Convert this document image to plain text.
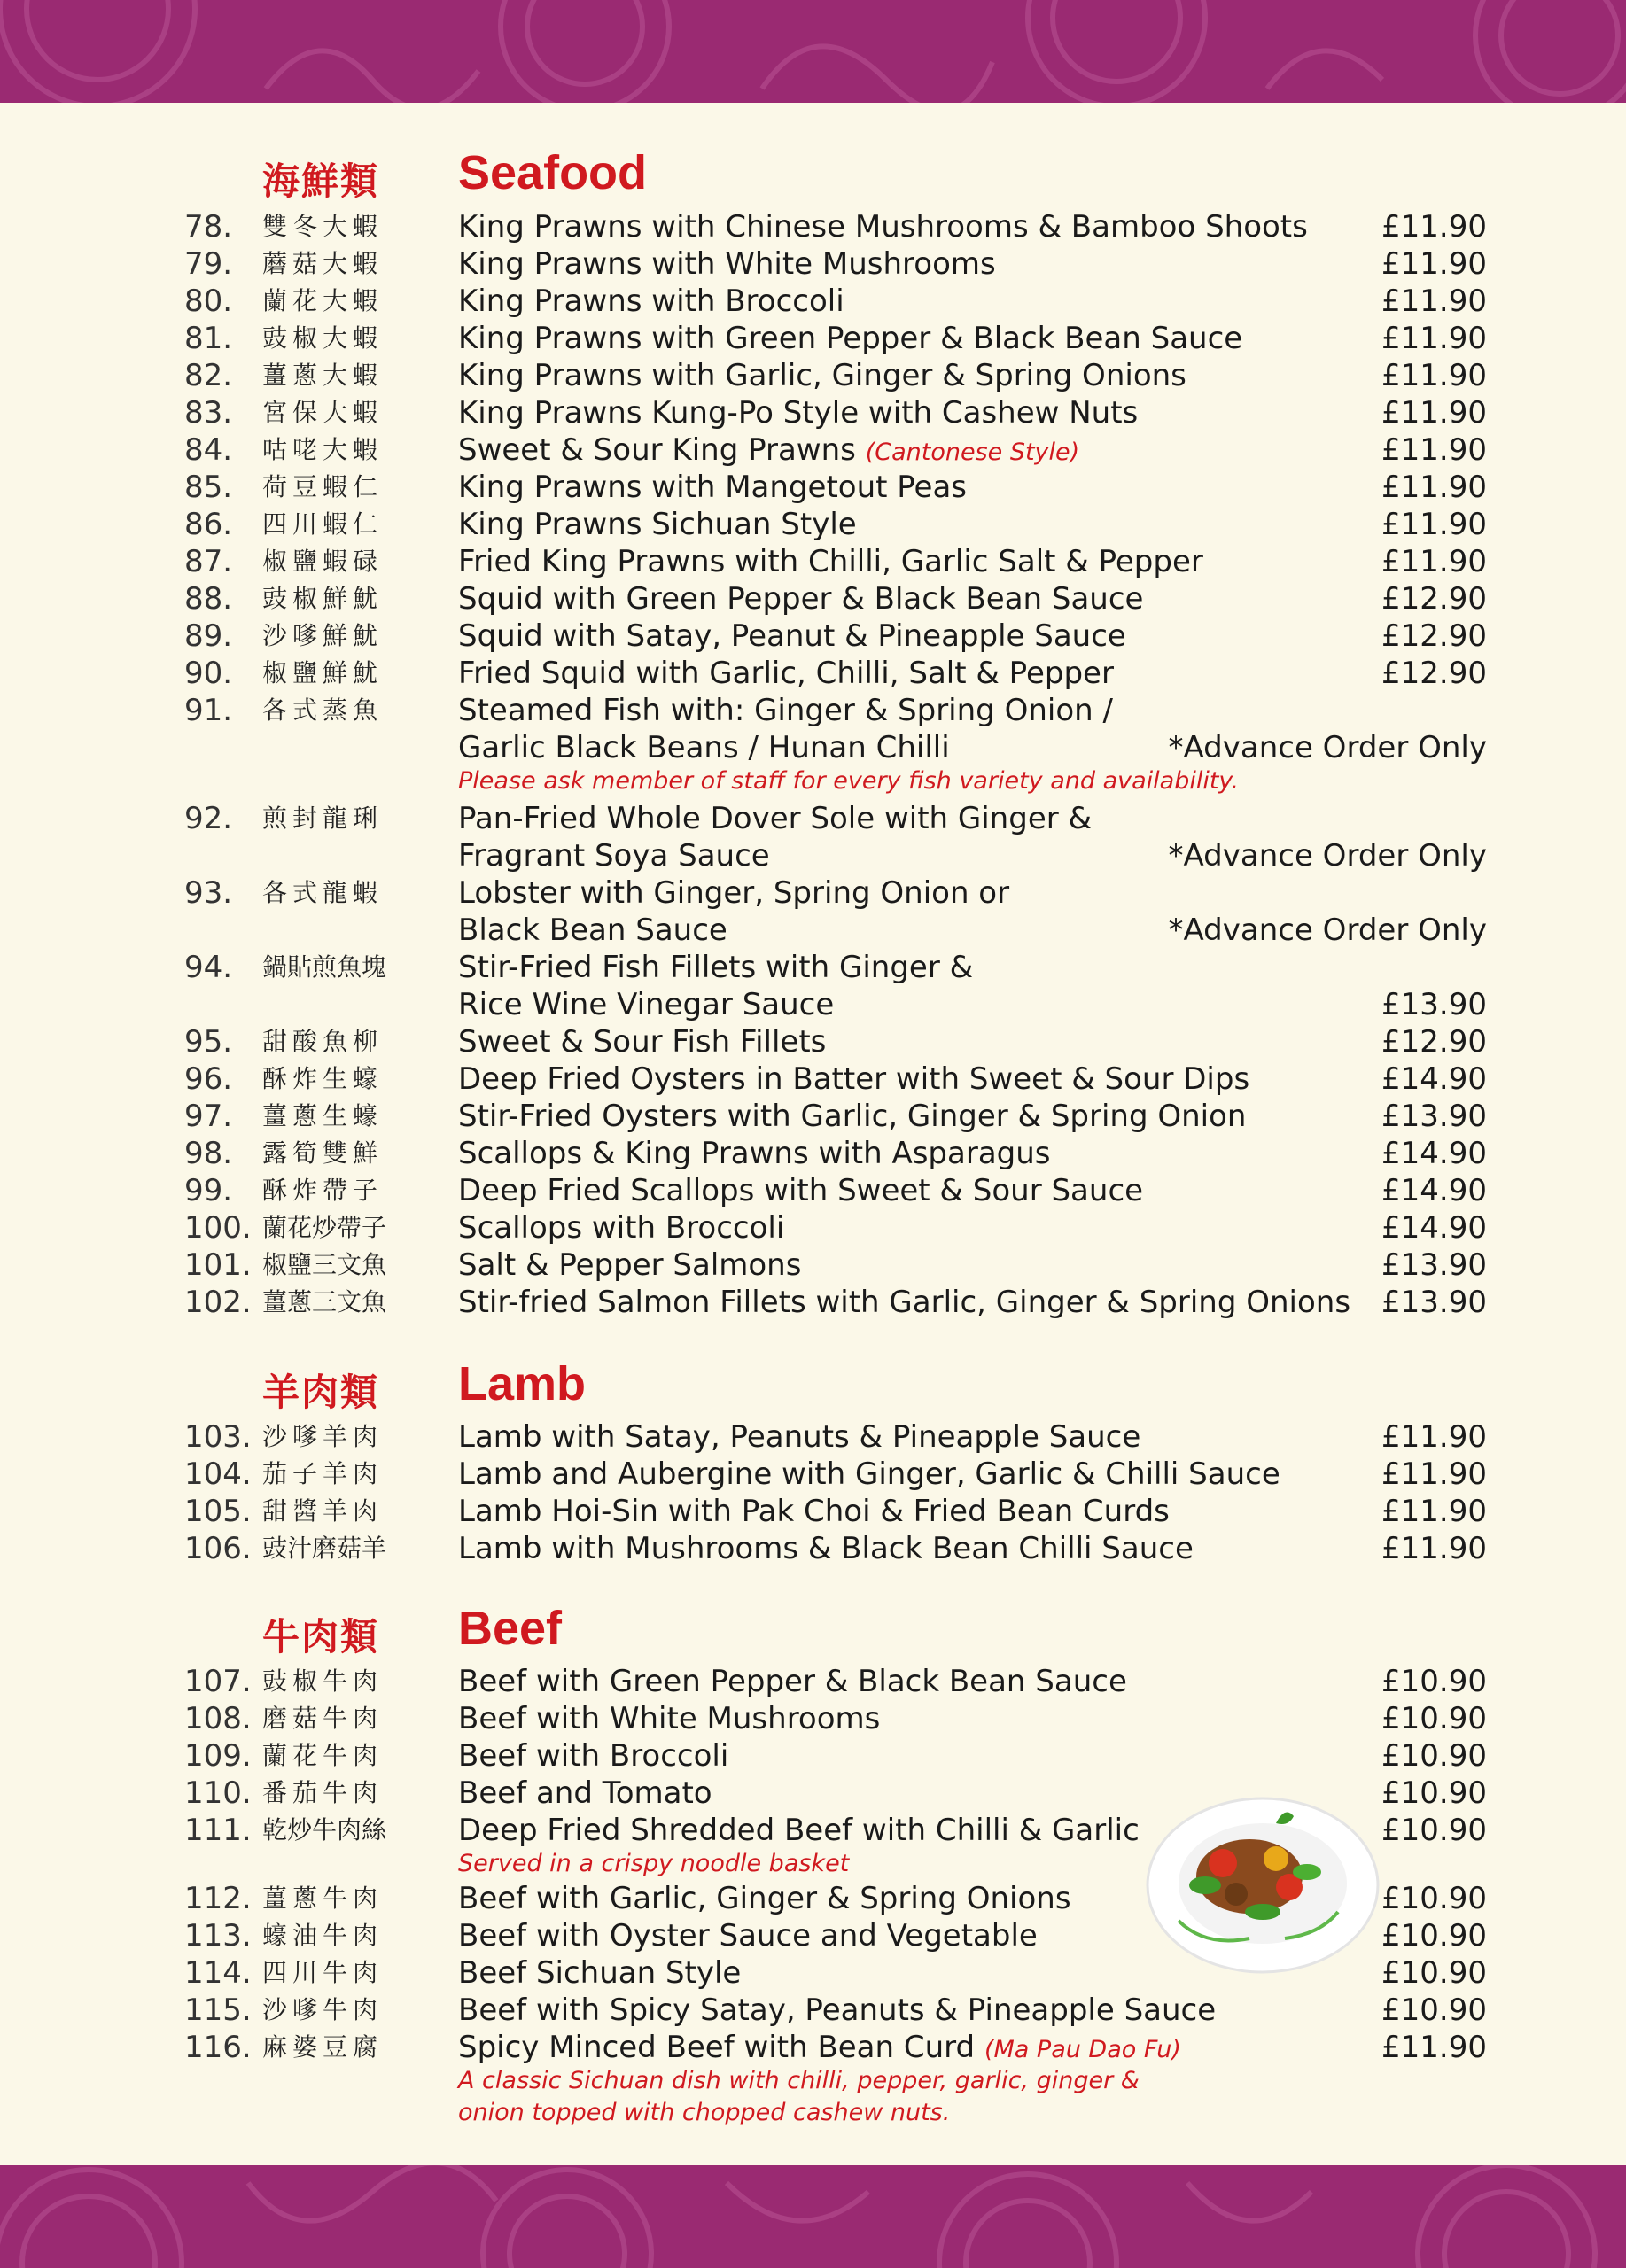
海鮮類	Seafood
78.	雙冬大蝦	King Prawns with Chinese Mushrooms & Bamboo Shoots £11.90
79.	蘑菇大蝦	King Prawns with White Mushrooms	£11.90
80.	蘭花大蝦	King Prawns with Broccoli	£11.90
81.	豉椒大蝦	King Prawns with Green Pepper & Black Bean Sauce	£11.90
82.	薑蔥大蝦	King Prawns with Garlic, Ginger & Spring Onions	£11.90
83.	宮保大蝦	King Prawns Kung-Po Style with Cashew Nuts	£11.90
84.	咕咾大蝦	Sweet & Sour King Prawns (Cantonese Style)	£11.90
85.	荷豆蝦仁	King Prawns with Mangetout Peas	£11.90
86.	四川蝦仁	King Prawns Sichuan Style	£11.90
87.	椒鹽蝦碌	Fried King Prawns with Chilli, Garlic Salt & Pepper	£11.90
88.	豉椒鮮魷	Squid with Green Pepper & Black Bean Sauce	£12.90
89.	沙嗲鮮魷	Squid with Satay, Peanut & Pineapple Sauce	£12.90
90.	椒鹽鮮魷	Fried Squid with Garlic, Chilli, Salt & Pepper	£12.90
91.	各式蒸魚	Steamed Fish with: Ginger & Spring Onion /
Garlic Black Beans / Hunan Chilli	*Advance Order Only
Please ask member of staff for every fish variety and availability.
92.	煎封龍琍	Pan-Fried Whole Dover Sole with Ginger &
Fragrant Soya Sauce	*Advance Order Only
93.	各式龍蝦	Lobster with Ginger, Spring Onion or
Black Bean Sauce	*Advance Order Only
94.	鍋貼煎魚塊	Stir-Fried Fish Fillets with Ginger &
Rice Wine Vinegar Sauce	£13.90
95.	甜酸魚柳	Sweet & Sour Fish Fillets	£12.90
96.	酥炸生蠔	Deep Fried Oysters in Batter with Sweet & Sour Dips	£14.90
97.	薑蔥生蠔	Stir-Fried Oysters with Garlic, Ginger & Spring Onion	£13.90
98.	露筍雙鮮	Scallops & King Prawns with Asparagus	£14.90
99.	酥炸帶子	Deep Fried Scallops with Sweet & Sour Sauce	£14.90
100. 蘭花炒帶子	Scallops with Broccoli	£14.90
101. 椒鹽三文魚	Salt & Pepper Salmons	£13.90
102. 薑蔥三文魚	Stir-fried Salmon Fillets with Garlic, Ginger & Spring Onions £13.90
羊肉類	Lamb
103. 沙嗲羊肉	Lamb with Satay, Peanuts & Pineapple Sauce	£11.90
104. 茄子羊肉	Lamb and Aubergine with Ginger, Garlic & Chilli Sauce	£11.90
105. 甜醬羊肉	Lamb Hoi-Sin with Pak Choi & Fried Bean Curds	£11.90
106. 豉汁磨菇羊	Lamb with Mushrooms & Black Bean Chilli Sauce	£11.90
牛肉類	Beef
107. 豉椒牛肉	Beef with Green Pepper & Black Bean Sauce	£10.90
108. 磨菇牛肉	Beef with White Mushrooms	£10.90
109. 蘭花牛肉	Beef with Broccoli	£10.90
110. 番茄牛肉	Beef and Tomato	£10.90
111. 乾炒牛肉絲	Deep Fried Shredded Beef with Chilli & Garlic	£10.90
Served in a crispy noodle basket
112. 薑蔥牛肉	Beef with Garlic, Ginger & Spring Onions	£10.90
113. 蠔油牛肉	Beef with Oyster Sauce and Vegetable	£10.90
114. 四川牛肉	Beef Sichuan Style	£10.90
115. 沙嗲牛肉	Beef with Spicy Satay, Peanuts & Pineapple Sauce	£10.90
116. 麻婆豆腐	Spicy Minced Beef with Bean Curd (Ma Pau Dao Fu)	£11.90
A classic Sichuan dish with chilli, pepper, garlic, ginger &
onion topped with chopped cashew nuts.
